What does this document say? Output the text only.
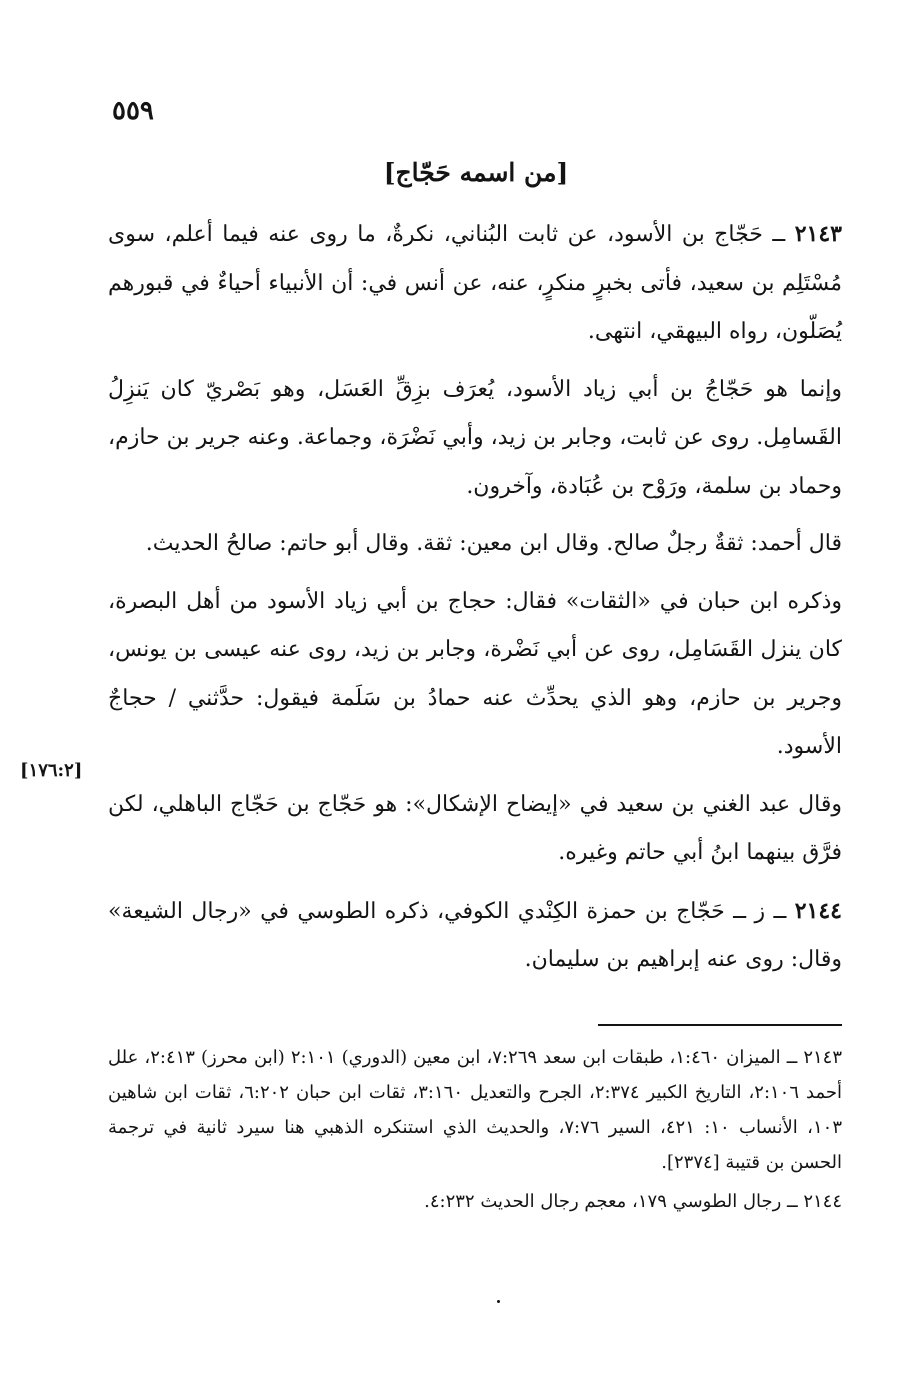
٥٥٩
[من اسمه حَجّاج]

٢١٤٣ ــ حَجّاج بن الأسود، عن ثابت البُناني، نكرةٌ، ما روى عنه فيما أعلم، سوى مُسْتَلِم بن سعيد، فأتى بخبرٍ منكرٍ، عنه، عن أنس في: أن الأنبياء أحياءٌ في قبورهم يُصَلّون، رواه البيهقي، انتهى.

وإنما هو حَجّاجُ بن أبي زياد الأسود، يُعرَف بزِقِّ العَسَل، وهو بَصْريّ كان يَنزِلُ القَسامِل. روى عن ثابت، وجابر بن زيد، وأبي نَضْرَة، وجماعة. وعنه جرير بن حازم، وحماد بن سلمة، ورَوْح بن عُبَادة، وآخرون.

قال أحمد: ثقةٌ رجلٌ صالح. وقال ابن معين: ثقة. وقال أبو حاتم: صالحُ الحديث.

وذكره ابن حبان في «الثقات» فقال: حجاج بن أبي زياد الأسود من أهل البصرة، كان ينزل القَسَامِل، روى عن أبي نَضْرة، وجابر بن زيد، روى عنه عيسى بن يونس، وجرير بن حازم، وهو الذي يحدِّث عنه حمادُ بن سَلَمة فيقول: حدَّثني / حجاجٌ الأسود.

وقال عبد الغني بن سعيد في «إيضاح الإشكال»: هو حَجّاج بن حَجّاج الباهلي، لكن فرَّق بينهما ابنُ أبي حاتم وغيره.

٢١٤٤ ــ ز ــ حَجّاج بن حمزة الكِنْدي الكوفي، ذكره الطوسي في «رجال الشيعة» وقال: روى عنه إبراهيم بن سليمان.

[١٧٦:٢]

٢١٤٣ ــ الميزان ١:٤٦٠، طبقات ابن سعد ٧:٢٦٩، ابن معين (الدوري) ٢:١٠١ (ابن محرز) ٢:٤١٣، علل أحمد ٢:١٠٦، التاريخ الكبير ٢:٣٧٤، الجرح والتعديل ٣:١٦٠، ثقات ابن حبان ٦:٢٠٢، ثقات ابن شاهين ١٠٣، الأنساب ١٠: ٤٢١، السير ٧:٧٦، والحديث الذي استنكره الذهبي هنا سيرد ثانية في ترجمة الحسن بن قتيبة [٢٣٧٤].

٢١٤٤ ــ رجال الطوسي ١٧٩، معجم رجال الحديث ٤:٢٣٢.
